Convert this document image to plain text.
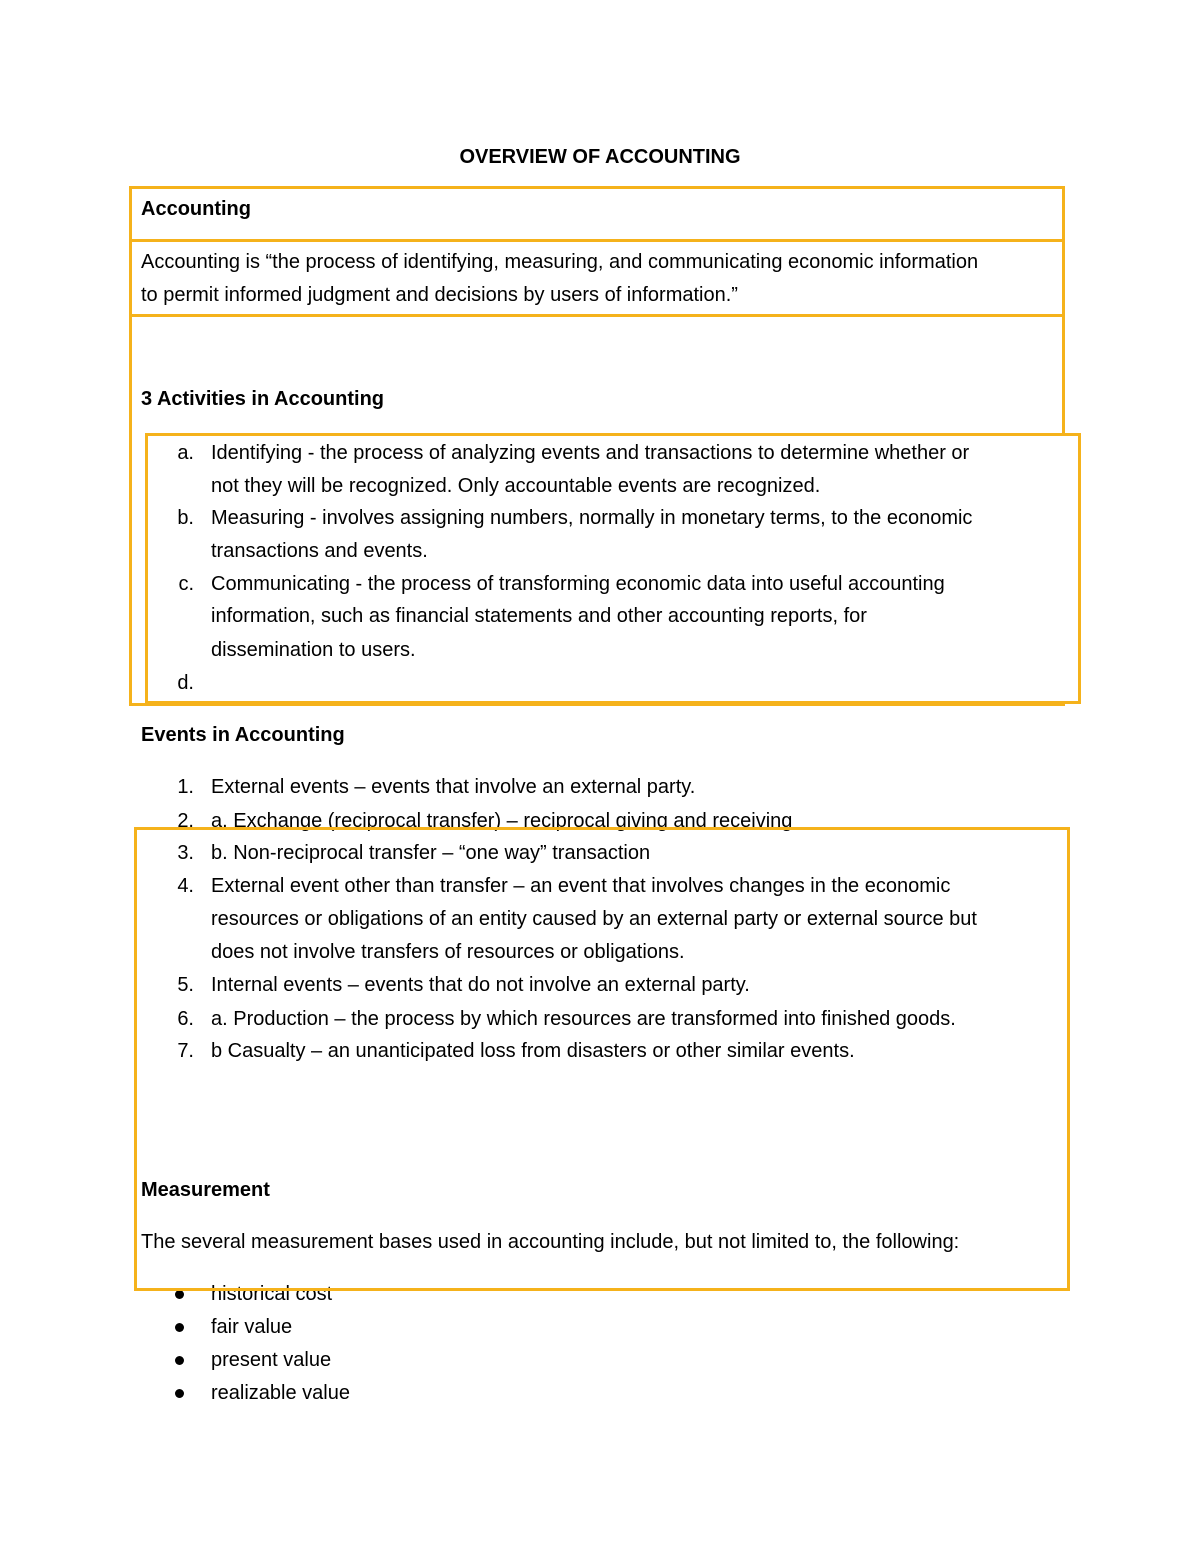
OVERVIEW OF ACCOUNTING
Accounting
Accounting is “the process of identifying, measuring, and communicating economic information
to permit informed judgment and decisions by users of information.”
3 Activities in Accounting
a. Identifying - the process of analyzing events and transactions to determine whether or
not they will be recognized. Only accountable events are recognized.
b. Measuring - involves assigning numbers, normally in monetary terms, to the economic
transactions and events.
c. Communicating - the process of transforming economic data into useful accounting
information, such as financial statements and other accounting reports, for
dissemination to users.
d.
Events in Accounting
1. External events – events that involve an external party.
2. a. Exchange (reciprocal transfer) – reciprocal giving and receiving
3. b. Non-reciprocal transfer – “one way” transaction
4. External event other than transfer – an event that involves changes in the economic
resources or obligations of an entity caused by an external party or external source but
does not involve transfers of resources or obligations.
5. Internal events – events that do not involve an external party.
6. a. Production – the process by which resources are transformed into finished goods.
7. b Casualty – an unanticipated loss from disasters or other similar events.
Measurement
The several measurement bases used in accounting include, but not limited to, the following:
historical cost
fair value
present value
realizable value
